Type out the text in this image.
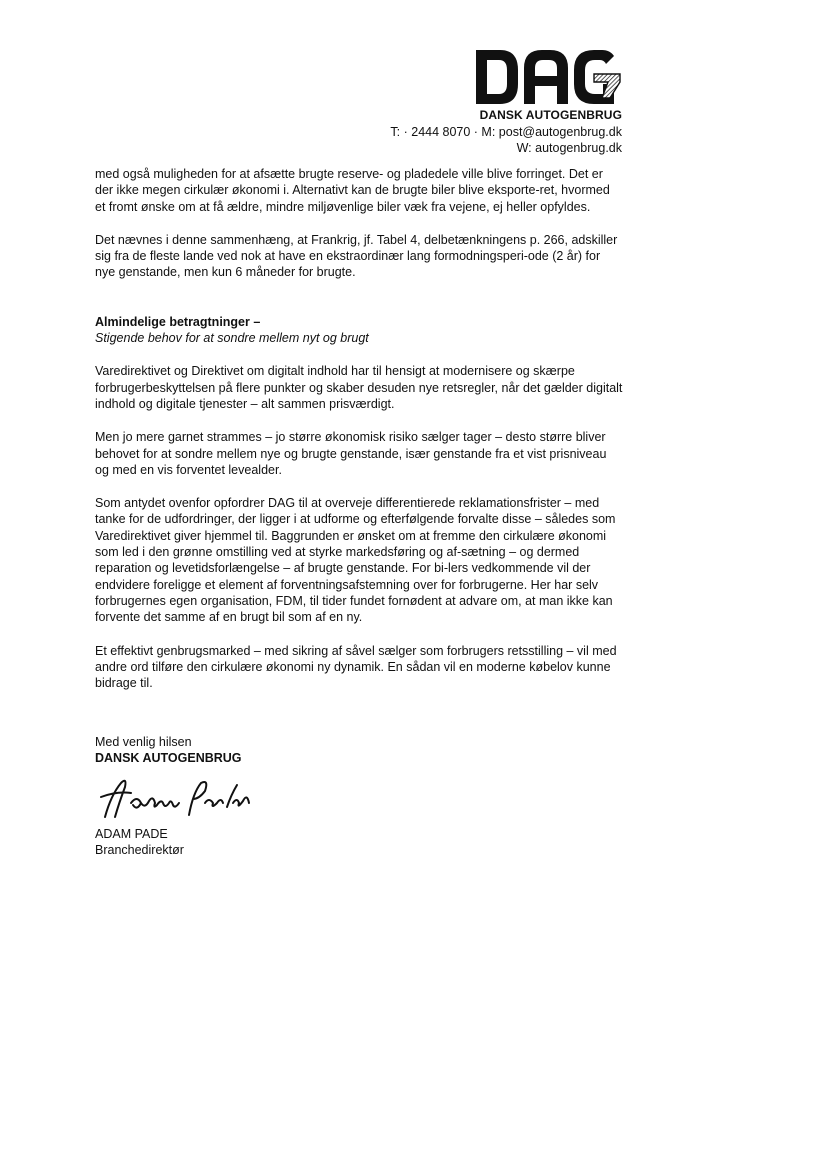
DANSK AUTOGENBRUG
T: · 2444 8070 · M: post@autogenbrug.dk
W: autogenbrug.dk

med også muligheden for at afsætte brugte reserve- og pladedele ville blive forringet. Det er der ikke megen cirkulær økonomi i. Alternativt kan de brugte biler blive eksporte-ret, hvormed et fromt ønske om at få ældre, mindre miljøvenlige biler væk fra vejene, ej heller opfyldes.

Det nævnes i denne sammenhæng, at Frankrig, jf. Tabel 4, delbetænkningens p. 266, adskiller sig fra de fleste lande ved nok at have en ekstraordinær lang formodningsperi-ode (2 år) for nye genstande, men kun 6 måneder for brugte.

Almindelige betragtninger –

Stigende behov for at sondre mellem nyt og brugt

Varedirektivet og Direktivet om digitalt indhold har til hensigt at modernisere og skærpe forbrugerbeskyttelsen på flere punkter og skaber desuden nye retsregler, når det gælder digitalt indhold og digitale tjenester – alt sammen prisværdigt.

Men jo mere garnet strammes – jo større økonomisk risiko sælger tager – desto større bliver behovet for at sondre mellem nye og brugte genstande, især genstande fra et vist prisniveau og med en vis forventet levealder.

Som antydet ovenfor opfordrer DAG til at overveje differentierede reklamationsfrister – med tanke for de udfordringer, der ligger i at udforme og efterfølgende forvalte disse – således som Varedirektivet giver hjemmel til. Baggrunden er ønsket om at fremme den cirkulære økonomi som led i den grønne omstilling ved at styrke markedsføring og af-sætning – og dermed reparation og levetidsforlængelse – af brugte genstande. For bi-lers vedkommende vil der endvidere foreligge et element af forventningsafstemning over for forbrugerne. Her har selv forbrugernes egen organisation, FDM, til tider fundet fornødent at advare om, at man ikke kan forvente det samme af en brugt bil som af en ny.

Et effektivt genbrugsmarked – med sikring af såvel sælger som forbrugers retsstilling – vil med andre ord tilføre den cirkulære økonomi ny dynamik. En sådan vil en moderne købelov kunne bidrage til.

Med venlig hilsen
DANSK AUTOGENBRUG
ADAM PADE
Branchedirektør
